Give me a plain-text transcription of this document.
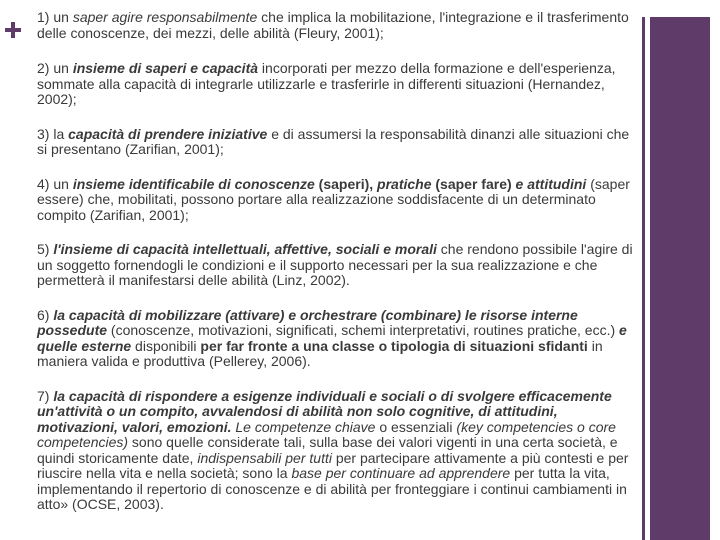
1) un saper agire responsabilmente che implica la mobilitazione, l'integrazione e il trasferimento delle conoscenze, dei mezzi, delle abilità (Fleury, 2001);
2) un insieme di saperi e capacità incorporati per mezzo della formazione e dell'esperienza, sommate alla capacità di integrarle utilizzarle e trasferirle in differenti situazioni (Hernandez, 2002);
3) la capacità di prendere iniziative e di assumersi la responsabilità dinanzi alle situazioni che si presentano (Zarifian, 2001);
4) un insieme identificabile di conoscenze (saperi), pratiche (saper fare) e attitudini (saper essere) che, mobilitati, possono portare alla realizzazione soddisfacente di un determinato compito (Zarifian, 2001);
5) l'insieme di capacità intellettuali, affettive, sociali e morali che rendono possibile l'agire di un soggetto fornendogli le condizioni e il supporto necessari per la sua realizzazione e che permetterà il manifestarsi delle abilità (Linz, 2002).
6) la capacità di mobilizzare (attivare) e orchestrare (combinare) le risorse interne possedute (conoscenze, motivazioni, significati, schemi interpretativi, routines pratiche, ecc.) e quelle esterne disponibili per far fronte a una classe o tipologia di situazioni sfidanti in maniera valida e produttiva (Pellerey, 2006).
7) la capacità di rispondere a esigenze individuali e sociali o di svolgere efficacemente un'attività o un compito, avvalendosi di abilità non solo cognitive, di attitudini, motivazioni, valori, emozioni. Le competenze chiave o essenziali (key competencies o core competencies) sono quelle considerate tali, sulla base dei valori vigenti in una certa società, e quindi storicamente date, indispensabili per tutti per partecipare attivamente a più contesti e per riuscire nella vita e nella società; sono la base per continuare ad apprendere per tutta la vita, implementando il repertorio di conoscenze e di abilità per fronteggiare i continui cambiamenti in atto» (OCSE, 2003).
